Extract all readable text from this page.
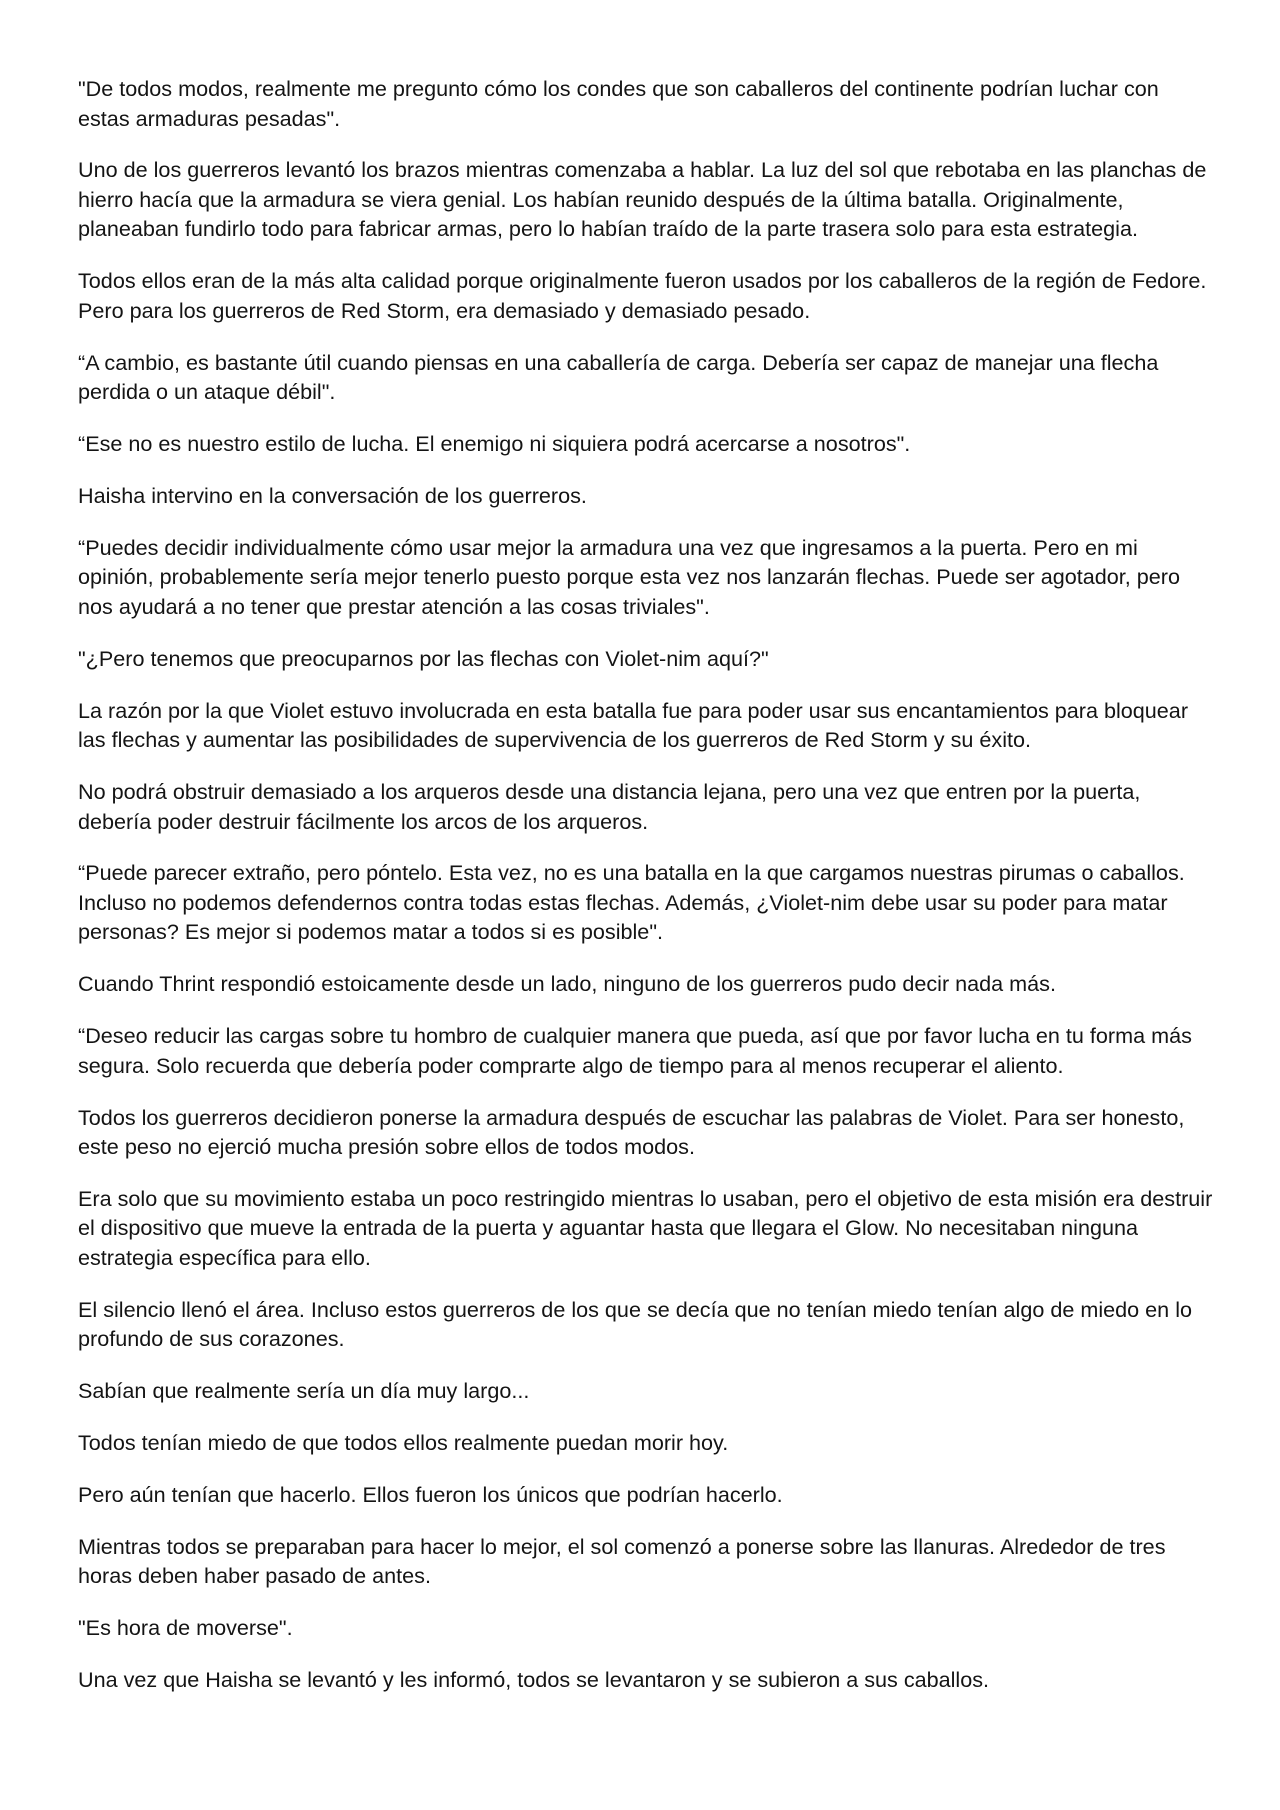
"De todos modos, realmente me pregunto cómo los condes que son caballeros del continente podrían luchar con estas armaduras pesadas".

Uno de los guerreros levantó los brazos mientras comenzaba a hablar. La luz del sol que rebotaba en las planchas de hierro hacía que la armadura se viera genial. Los habían reunido después de la última batalla. Originalmente, planeaban fundirlo todo para fabricar armas, pero lo habían traído de la parte trasera solo para esta estrategia.

Todos ellos eran de la más alta calidad porque originalmente fueron usados por los caballeros de la región de Fedore. Pero para los guerreros de Red Storm, era demasiado y demasiado pesado.

“A cambio, es bastante útil cuando piensas en una caballería de carga. Debería ser capaz de manejar una flecha perdida o un ataque débil".

“Ese no es nuestro estilo de lucha. El enemigo ni siquiera podrá acercarse a nosotros".

Haisha intervino en la conversación de los guerreros.

“Puedes decidir individualmente cómo usar mejor la armadura una vez que ingresamos a la puerta. Pero en mi opinión, probablemente sería mejor tenerlo puesto porque esta vez nos lanzarán flechas. Puede ser agotador, pero nos ayudará a no tener que prestar atención a las cosas triviales".

"¿Pero tenemos que preocuparnos por las flechas con Violet-nim aquí?"

La razón por la que Violet estuvo involucrada en esta batalla fue para poder usar sus encantamientos para bloquear las flechas y aumentar las posibilidades de supervivencia de los guerreros de Red Storm y su éxito.

No podrá obstruir demasiado a los arqueros desde una distancia lejana, pero una vez que entren por la puerta, debería poder destruir fácilmente los arcos de los arqueros.

“Puede parecer extraño, pero póntelo. Esta vez, no es una batalla en la que cargamos nuestras pirumas o caballos. Incluso no podemos defendernos contra todas estas flechas. Además, ¿Violet-nim debe usar su poder para matar personas? Es mejor si podemos matar a todos si es posible".

Cuando Thrint respondió estoicamente desde un lado, ninguno de los guerreros pudo decir nada más.

“Deseo reducir las cargas sobre tu hombro de cualquier manera que pueda, así que por favor lucha en tu forma más segura. Solo recuerda que debería poder comprarte algo de tiempo para al menos recuperar el aliento.

Todos los guerreros decidieron ponerse la armadura después de escuchar las palabras de Violet. Para ser honesto, este peso no ejerció mucha presión sobre ellos de todos modos.

Era solo que su movimiento estaba un poco restringido mientras lo usaban, pero el objetivo de esta misión era destruir el dispositivo que mueve la entrada de la puerta y aguantar hasta que llegara el Glow. No necesitaban ninguna estrategia específica para ello.

El silencio llenó el área. Incluso estos guerreros de los que se decía que no tenían miedo tenían algo de miedo en lo profundo de sus corazones.

Sabían que realmente sería un día muy largo...

Todos tenían miedo de que todos ellos realmente puedan morir hoy.

Pero aún tenían que hacerlo. Ellos fueron los únicos que podrían hacerlo.

Mientras todos se preparaban para hacer lo mejor, el sol comenzó a ponerse sobre las llanuras. Alrededor de tres horas deben haber pasado de antes.

"Es hora de moverse".

Una vez que Haisha se levantó y les informó, todos se levantaron y se subieron a sus caballos.
